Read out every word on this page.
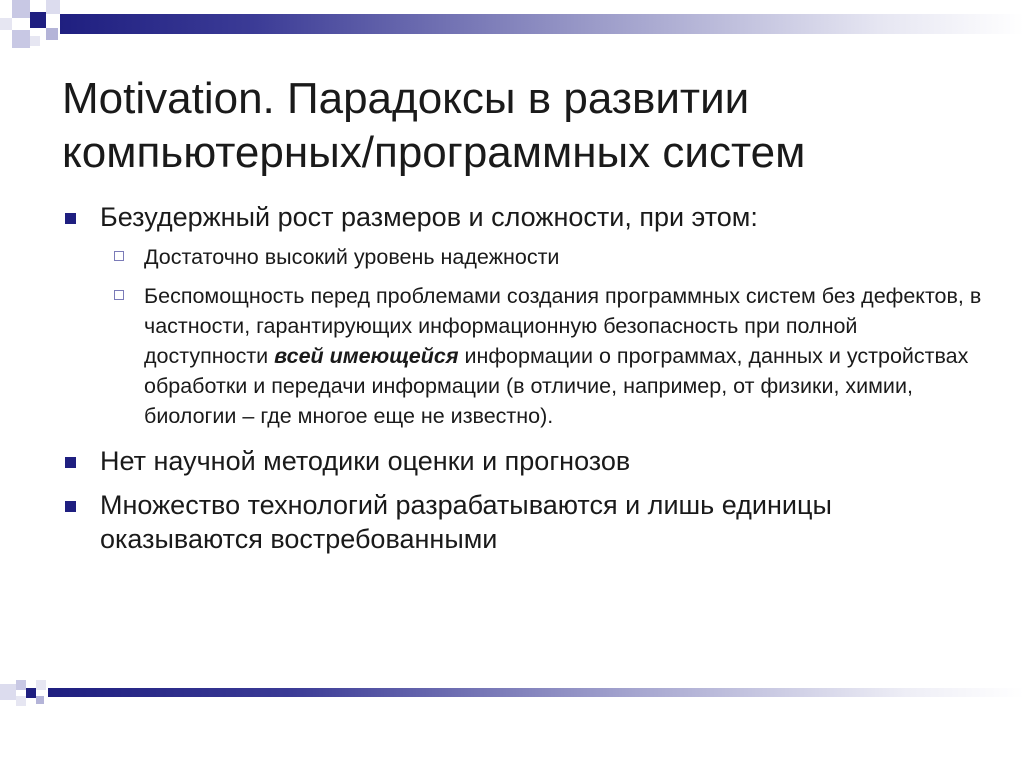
Motivation. Парадоксы в развитии
компьютерных/программных систем
Безудержный рост размеров и сложности, при этом:
Достаточно высокий уровень надежности
Беспомощность перед проблемами создания программных систем без дефектов, в частности, гарантирующих информационную безопасность при полной доступности всей имеющейся информации о программах, данных и устройствах обработки и передачи информации (в отличие, например, от физики, химии, биологии – где многое еще не известно).
Нет научной методики оценки и прогнозов
Множество технологий разрабатываются и лишь единицы оказываются востребованными
